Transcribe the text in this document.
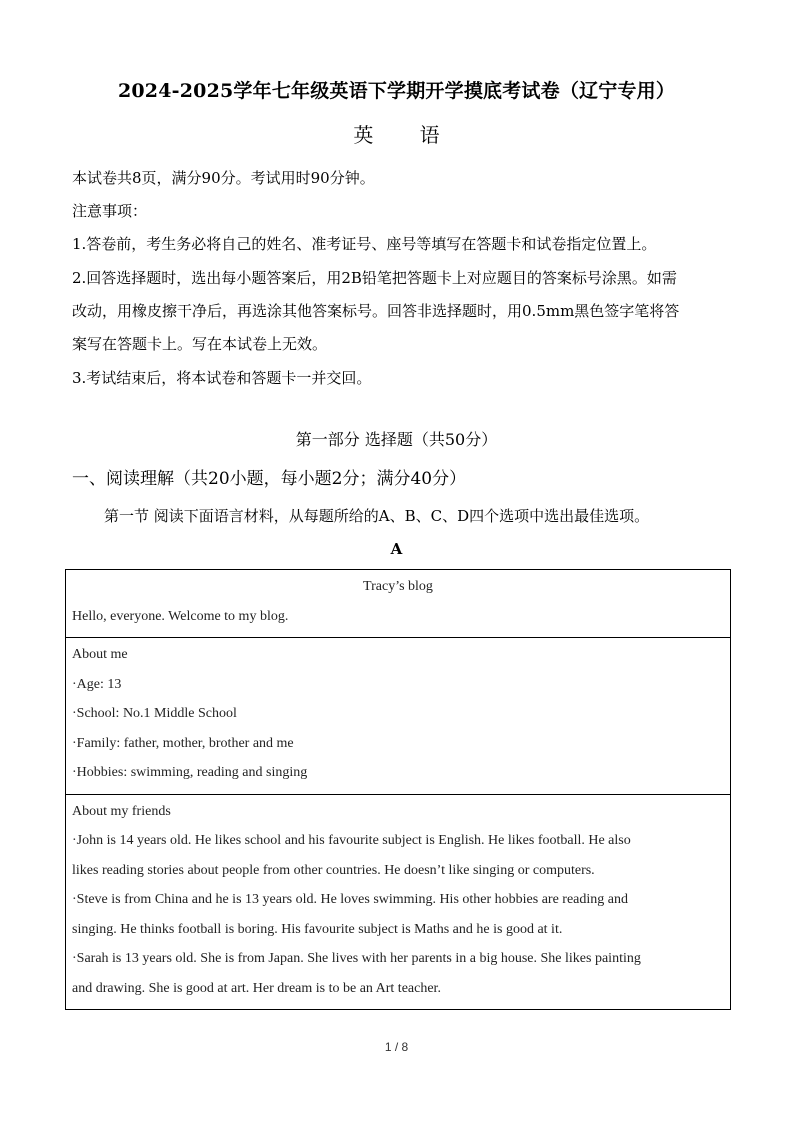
2024-2025学年七年级英语下学期开学摸底考试卷（辽宁专用）
英 语
本试卷共8页，满分90分。考试用时90分钟。
注意事项：
1.答卷前，考生务必将自己的姓名、准考证号、座号等填写在答题卡和试卷指定位置上。
2.回答选择题时，选出每小题答案后，用2B铅笔把答题卡上对应题目的答案标号涂黑。如需
改动，用橡皮擦干净后，再选涂其他答案标号。回答非选择题时，用0.5mm黑色签字笔将答
案写在答题卡上。写在本试卷上无效。
3.考试结束后，将本试卷和答题卡一并交回。
第一部分 选择题（共50分）
一、阅读理解（共20小题，每小题2分；满分40分）
第一节 阅读下面语言材料，从每题所给的A、B、C、D四个选项中选出最佳选项。
A
Tracy’s blog
Hello, everyone. Welcome to my blog.
About me
·Age: 13
·School: No.1 Middle School
·Family: father, mother, brother and me
·Hobbies: swimming, reading and singing
About my friends
·John is 14 years old. He likes school and his favourite subject is English. He likes football. He also
likes reading stories about people from other countries. He doesn’t like singing or computers.
·Steve is from China and he is 13 years old. He loves swimming. His other hobbies are reading and
singing. He thinks football is boring. His favourite subject is Maths and he is good at it.
·Sarah is 13 years old. She is from Japan. She lives with her parents in a big house. She likes painting
and drawing. She is good at art. Her dream is to be an Art teacher.
1 / 8
